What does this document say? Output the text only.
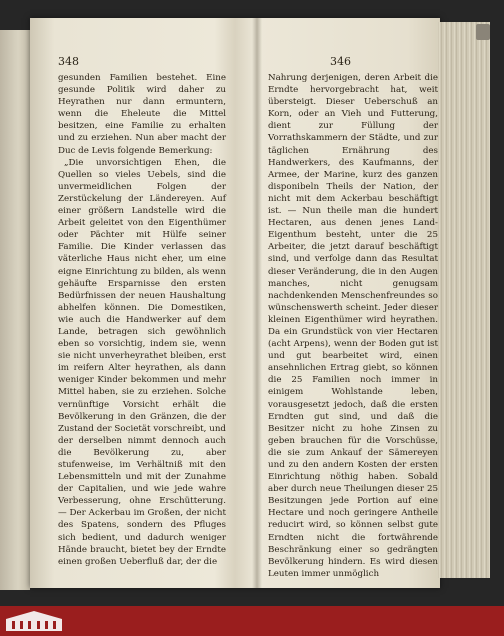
348	346

gesunden Familien bestehet. Eine gesunde Politik wird daher zu Heyrathen nur dann ermuntern, wenn die Eheleute die Mittel besitzen, eine Familie zu erhalten und zu erziehen. Nun aber macht der Duc de Levis folgende Bemerkung:

„Die unvorsichtigen Ehen, die Quellen so vieles Uebels, sind die unvermeidlichen Folgen der Zerstückelung der Ländereyen. Auf einer größern Landstelle wird die Arbeit geleitet von den Eigenthümer oder Pächter mit Hülfe seiner Familie. Die Kinder verlassen das väterliche Haus nicht eher, um eine eigne Einrichtung zu bilden, als wenn gehäufte Ersparnisse den ersten Bedürfnissen der neuen Haushaltung abhelfen können. Die Domestiken, wie auch die Handwerker auf dem Lande, betragen sich gewöhnlich eben so vorsichtig, indem sie, wenn sie nicht unverheyrathet bleiben, erst im reifern Alter heyrathen, als dann weniger Kinder bekommen und mehr Mittel haben, sie zu erziehen. Solche vernünftige Vorsicht erhält die Bevölkerung in den Gränzen, die der Zustand der Societät vorschreibt, und der derselben nimmt dennoch auch die Bevölkerung zu, aber stufenweise, im Verhältniß mit den Lebensmitteln und mit der Zunahme der Capitalien, und wie jede wahre Verbesserung, ohne Erschütterung. — Der Ackerbau im Großen, der nicht des Spatens, sondern des Pfluges sich bedient, und dadurch weniger Hände braucht, bietet bey der Erndte einen großen Ueberfluß dar, der die

Nahrung derjenigen, deren Arbeit die Erndte hervorgebracht hat, weit übersteigt. Dieser Ueberschuß an Korn, oder an Vieh und Futterung, dient zur Füllung der Vorrathskammern der Städte, und zur täglichen Ernährung des Handwerkers, des Kaufmanns, der Armee, der Marine, kurz des ganzen disponibeln Theils der Nation, der nicht mit dem Ackerbau beschäftigt ist. — Nun theile man die hundert Hectaren, aus denen jenes Land-Eigenthum besteht, unter die 25 Arbeiter, die jetzt darauf beschäftigt sind, und verfolge dann das Resultat dieser Veränderung, die in den Augen manches, nicht genugsam nachdenkenden Menschenfreundes so wünschenswerth scheint. Jeder dieser kleinen Eigenthümer wird heyrathen. Da ein Grundstück von vier Hectaren (acht Arpens), wenn der Boden gut ist und gut bearbeitet wird, einen ansehnlichen Ertrag giebt, so können die 25 Familien noch immer in einigem Wohlstande leben, vorausgesetzt jedoch, daß die ersten Erndten gut sind, und daß die Besitzer nicht zu hohe Zinsen zu geben brauchen für die Vorschüsse, die sie zum Ankauf der Sämereyen und zu den andern Kosten der ersten Einrichtung nöthig haben. Sobald aber durch neue Theilungen dieser 25 Besitzungen jede Portion auf eine Hectare und noch geringere Antheile reducirt wird, so können selbst gute Erndten nicht die fortwährende Beschränkung einer so gedrängten Bevölkerung hindern. Es wird diesen Leuten immer unmöglich
